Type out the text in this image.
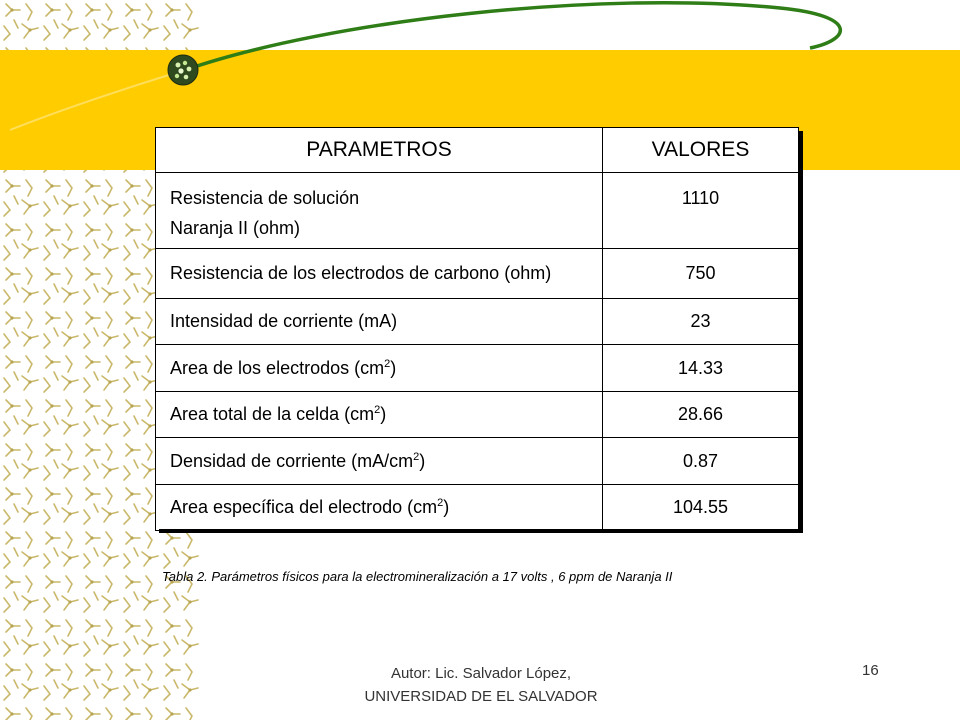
PARAMETROS	VALORES
Resistencia de solución
Naranja II (ohm)	1110
Resistencia de los electrodos de carbono (ohm)	750
Intensidad de corriente (mA)	23
Area de los electrodos $(cm^2)$	14.33
Area total de la celda $(cm^2)$	28.66
Densidad de corriente $(mA/cm^2)$	0.87
Area específica del electrodo $(cm^2)$	104.55
Tabla 2. Parámetros físicos para la electromineralización a 17 volts , 6 ppm de Naranja II
Autor: Lic. Salvador López,
UNIVERSIDAD DE EL SALVADOR
16
